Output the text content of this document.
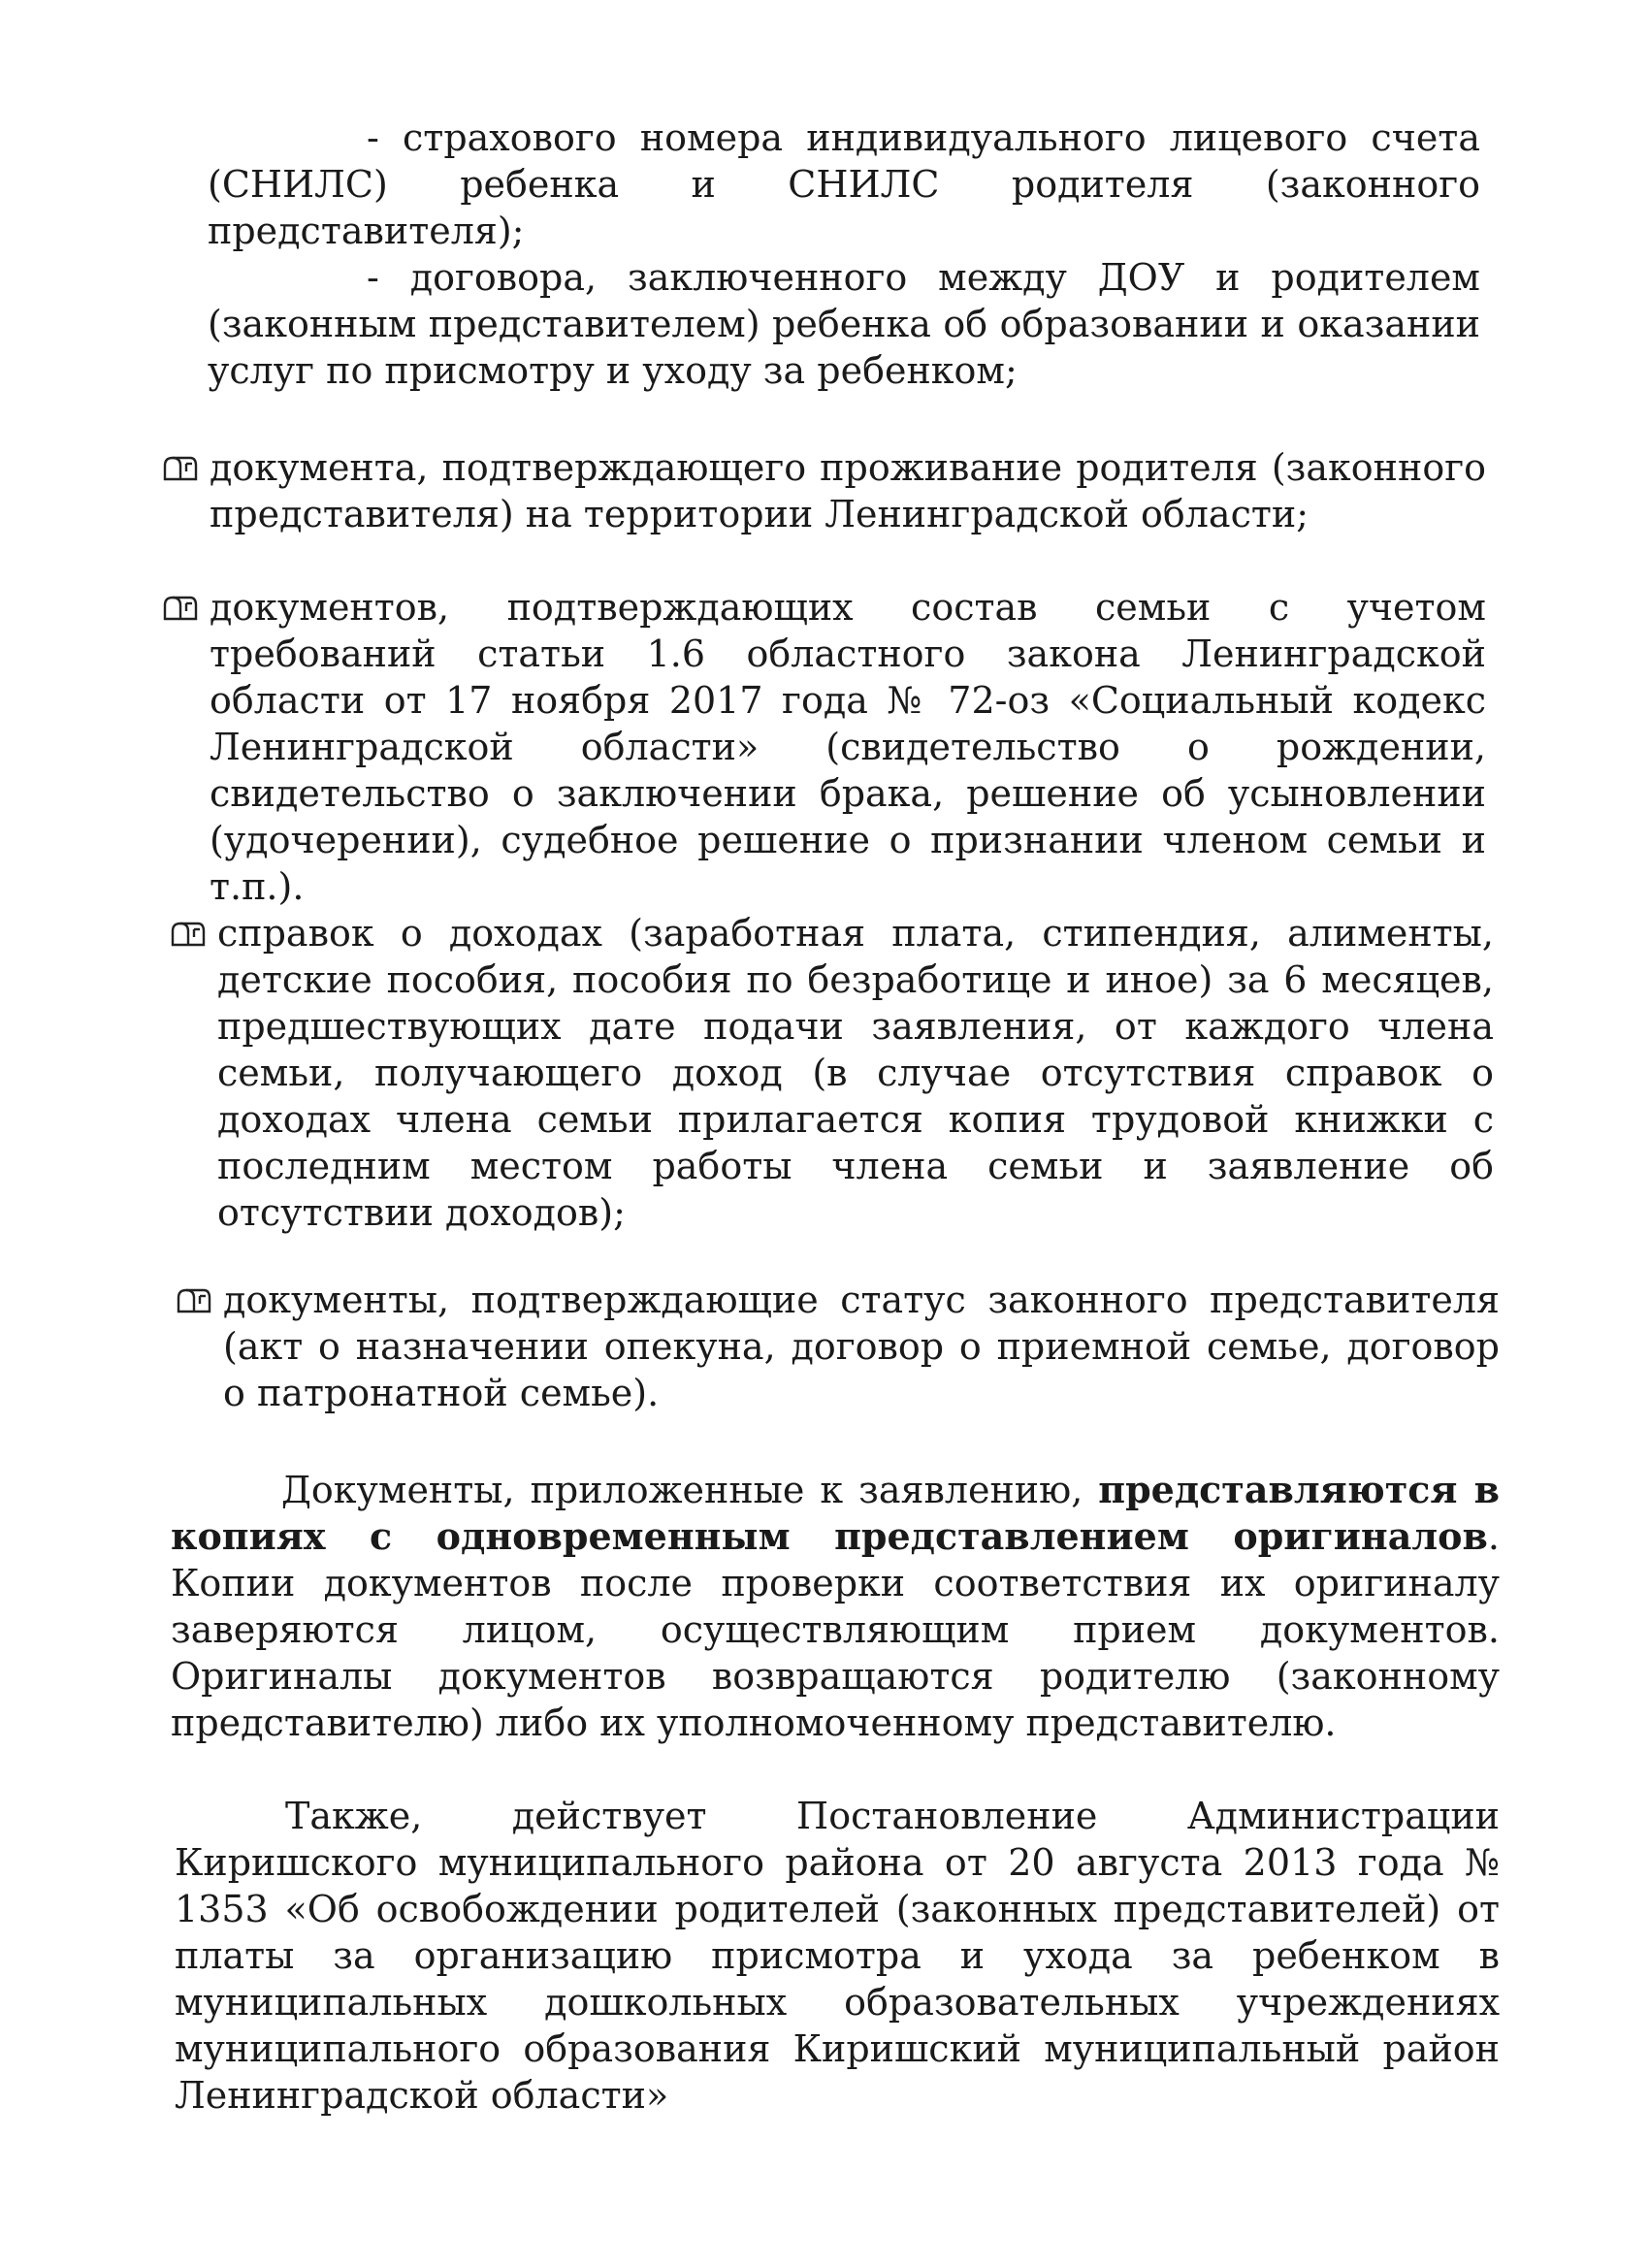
- страхового номера индивидуального лицевого счета (СНИЛС) ребенка и СНИЛС родителя (законного представителя);

- договора, заключенного между ДОУ и родителем (законным представителем) ребенка об образовании и оказании услуг по присмотру и уходу за ребенком;

документа, подтверждающего проживание родителя (законного представителя) на территории Ленинградской области;

документов, подтверждающих состав семьи с учетом требований статьи 1.6 областного закона Ленинградской области от 17 ноября 2017 года № 72-оз «Социальный кодекс Ленинградской области» (свидетельство о рождении, свидетельство о заключении брака, решение об усыновлении (удочерении), судебное решение о признании членом семьи и т.п.).

справок о доходах (заработная плата, стипендия, алименты, детские пособия, пособия по безработице и иное) за 6 месяцев, предшествующих дате подачи заявления, от каждого члена семьи, получающего доход (в случае отсутствия справок о доходах члена семьи прилагается копия трудовой книжки с последним местом работы члена семьи и заявление об отсутствии доходов);

документы, подтверждающие статус законного представителя (акт о назначении опекуна, договор о приемной семье, договор о патронатной семье).

Документы, приложенные к заявлению, представляются в копиях с одновременным представлением оригиналов. Копии документов после проверки соответствия их оригиналу заверяются лицом, осуществляющим прием документов. Оригиналы документов возвращаются родителю (законному представителю) либо их уполномоченному представителю.

Также, действует Постановление Администрации Киришского муниципального района от 20 августа 2013 года № 1353 «Об освобождении родителей (законных представителей) от платы за организацию присмотра и ухода за ребенком в муниципальных дошкольных образовательных учреждениях муниципального образования Киришский муниципальный район Ленинградской области»
